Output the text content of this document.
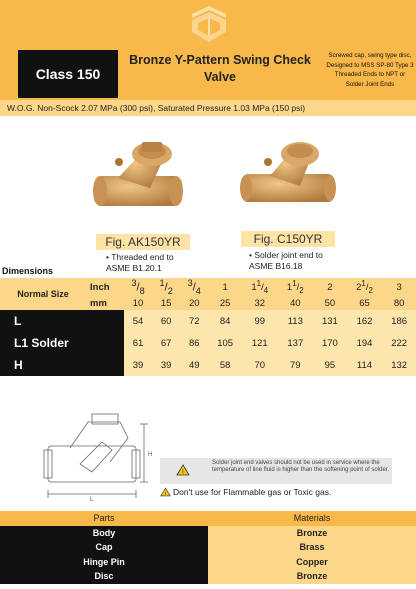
Class 150
Bronze Y-Pattern Swing Check Valve
Screwed cap, swing type disc, Designed to MSS SP-80 Type 3 Threaded Ends to NPT or Solder Joint Ends
W.O.G. Non-Scock 2.07 MPa (300 psi), Saturated Pressure 1.03 MPa (150 psi)
Fig. AK150YR
• Threaded end to ASME B1.20.1
Fig. C150YR
• Solder joint end to ASME B16.18
Dimensions
Normal Size	Inch	$^3/_8$	$^1/_2$	$^3/_4$	1	$1^1/_4$	$1^1/_2$	2	$2^1/_2$	3
	mm	10	15	20	25	32	40	50	65	80
L		54	60	72	84	99	113	131	162	186
L1 Solder		61	67	86	105	121	137	170	194	222
H		39	39	49	58	70	79	95	114	132
H
L
!
Solder joint end valves should not be used in service where the temperature of line fluid is higher than the softening point of solder.
! Don't use for Flammable gas or Toxic gas.
Parts	Materials
Body	Bronze
Cap	Brass
Hinge Pin	Copper
Disc	Bronze
